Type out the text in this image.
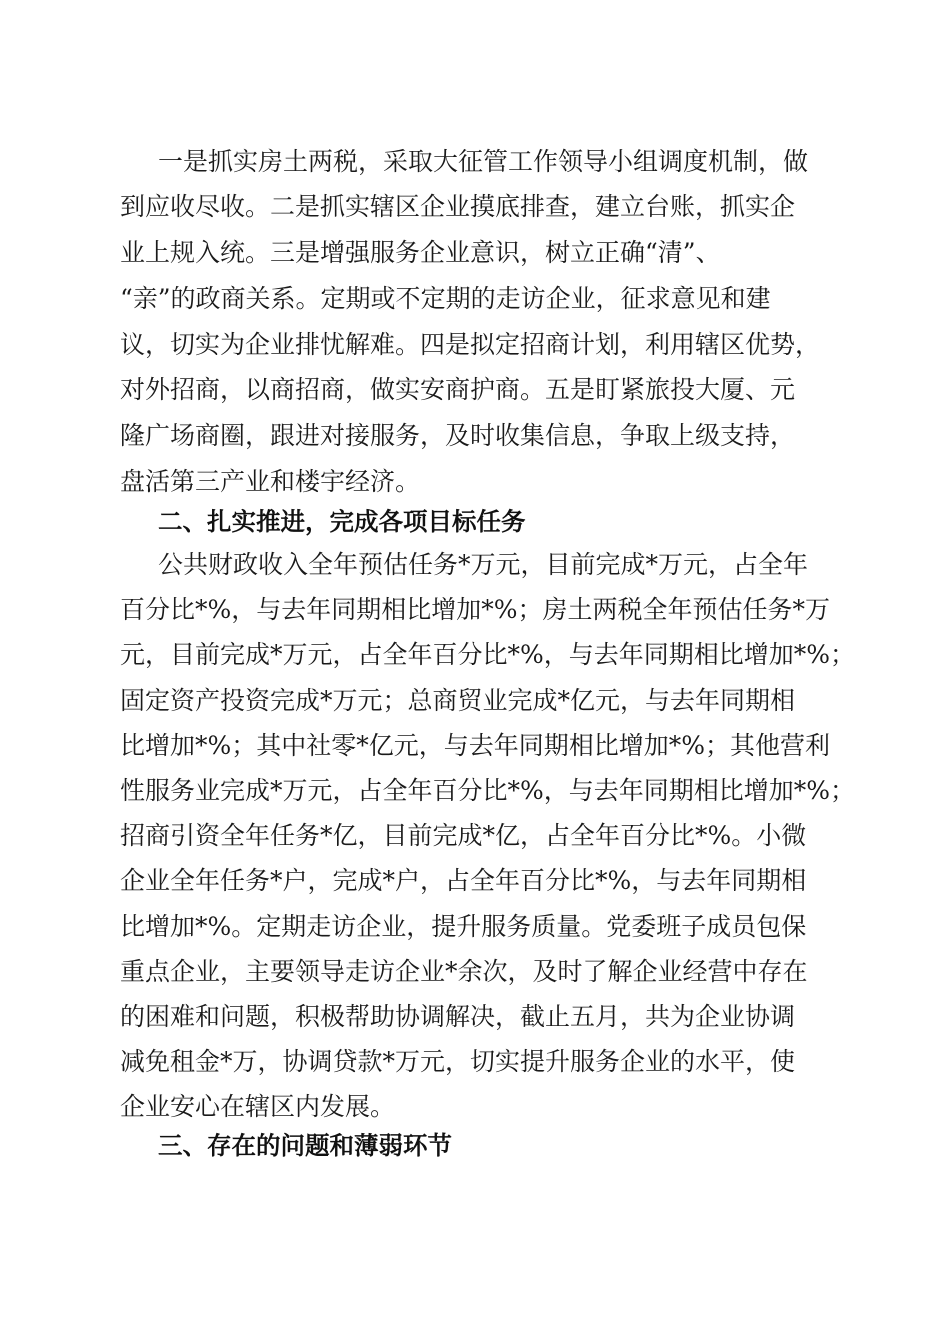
一是抓实房土两税，采取大征管工作领导小组调度机制，做
到应收尽收。二是抓实辖区企业摸底排查，建立台账，抓实企
业上规入统。三是增强服务企业意识，树立正确“清”、
“亲”的政商关系。定期或不定期的走访企业，征求意见和建
议，切实为企业排忧解难。四是拟定招商计划，利用辖区优势，
对外招商，以商招商，做实安商护商。五是盯紧旅投大厦、元
隆广场商圈，跟进对接服务，及时收集信息，争取上级支持，
盘活第三产业和楼宇经济。
二、扎实推进，完成各项目标任务
公共财政收入全年预估任务*万元，目前完成*万元，占全年
百分比*%，与去年同期相比增加*%；房土两税全年预估任务*万
元，目前完成*万元，占全年百分比*%，与去年同期相比增加*%；
固定资产投资完成*万元；总商贸业完成*亿元，与去年同期相
比增加*%；其中社零*亿元，与去年同期相比增加*%；其他营利
性服务业完成*万元，占全年百分比*%，与去年同期相比增加*%；
招商引资全年任务*亿，目前完成*亿，占全年百分比*%。小微
企业全年任务*户，完成*户，占全年百分比*%，与去年同期相
比增加*%。定期走访企业，提升服务质量。党委班子成员包保
重点企业，主要领导走访企业*余次，及时了解企业经营中存在
的困难和问题，积极帮助协调解决，截止五月，共为企业协调
减免租金*万，协调贷款*万元，切实提升服务企业的水平，使
企业安心在辖区内发展。
三、存在的问题和薄弱环节
